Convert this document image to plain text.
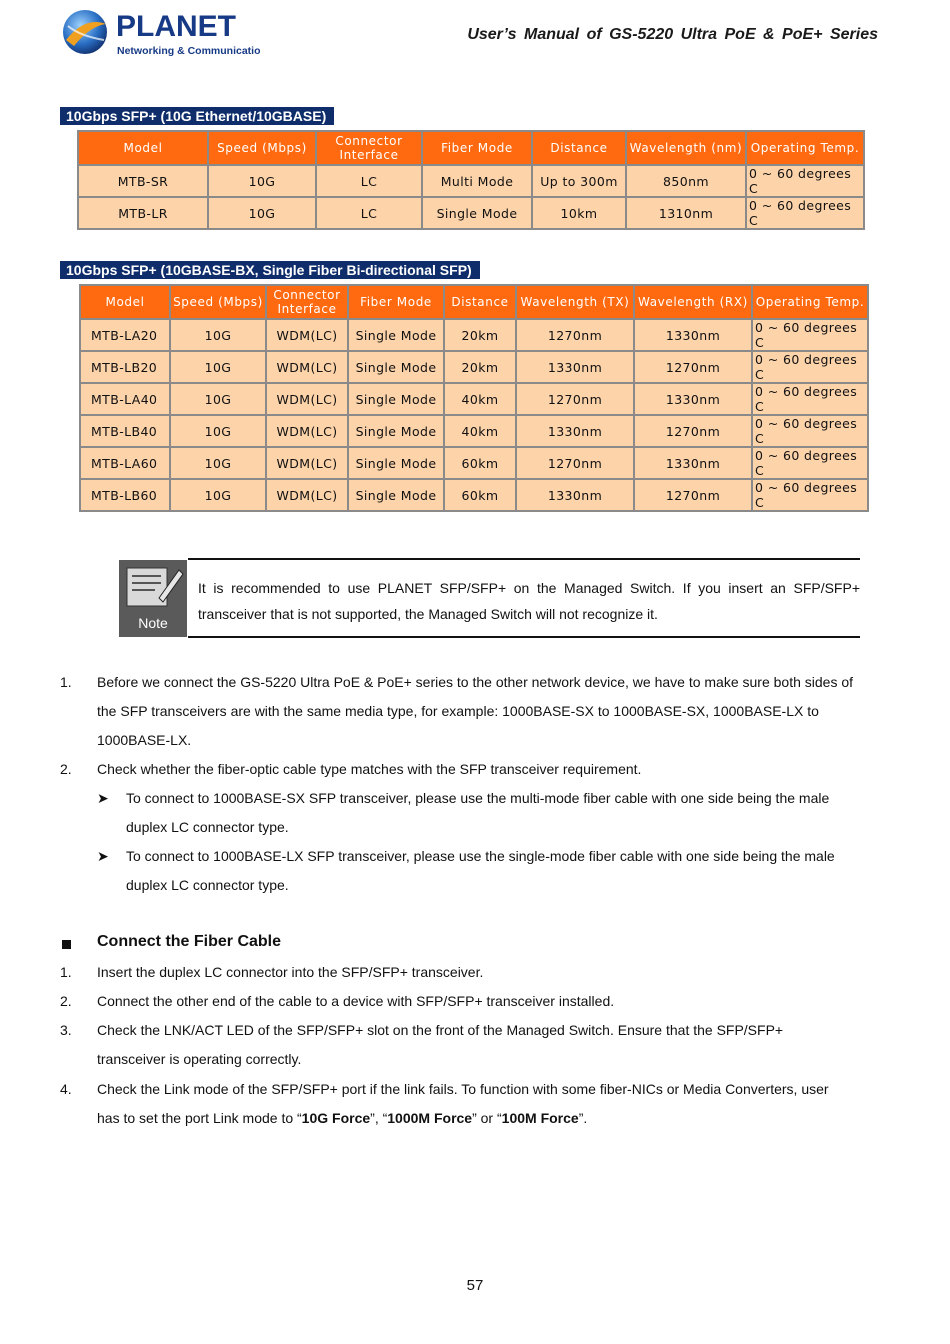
PLANET
Networking & Communication
User’s Manual of GS-5220 Ultra PoE & PoE+ Series
10Gbps SFP+ (10G Ethernet/10GBASE)
Model	Speed (Mbps)	Connector Interface	Fiber Mode	Distance	Wavelength (nm)	Operating Temp.
MTB-SR	10G	LC	Multi Mode	Up to 300m	850nm	0 ~ 60 degrees C
MTB-LR	10G	LC	Single Mode	10km	1310nm	0 ~ 60 degrees C
10Gbps SFP+ (10GBASE-BX, Single Fiber Bi-directional SFP)
Model	Speed (Mbps)	Connector Interface	Fiber Mode	Distance	Wavelength (TX)	Wavelength (RX)	Operating Temp.
MTB-LA20	10G	WDM(LC)	Single Mode	20km	1270nm	1330nm	0 ~ 60 degrees C
MTB-LB20	10G	WDM(LC)	Single Mode	20km	1330nm	1270nm	0 ~ 60 degrees C
MTB-LA40	10G	WDM(LC)	Single Mode	40km	1270nm	1330nm	0 ~ 60 degrees C
MTB-LB40	10G	WDM(LC)	Single Mode	40km	1330nm	1270nm	0 ~ 60 degrees C
MTB-LA60	10G	WDM(LC)	Single Mode	60km	1270nm	1330nm	0 ~ 60 degrees C
MTB-LB60	10G	WDM(LC)	Single Mode	60km	1330nm	1270nm	0 ~ 60 degrees C
Note
It is recommended to use PLANET SFP/SFP+ on the Managed Switch. If you insert an SFP/SFP+ transceiver that is not supported, the Managed Switch will not recognize it.
1. Before we connect the GS-5220 Ultra PoE & PoE+ series to the other network device, we have to make sure both sides of
the SFP transceivers are with the same media type, for example: 1000BASE-SX to 1000BASE-SX, 1000BASE-LX to
1000BASE-LX.
2. Check whether the fiber-optic cable type matches with the SFP transceiver requirement.
➤ To connect to 1000BASE-SX SFP transceiver, please use the multi-mode fiber cable with one side being the male
duplex LC connector type.
➤ To connect to 1000BASE-LX SFP transceiver, please use the single-mode fiber cable with one side being the male
duplex LC connector type.
Connect the Fiber Cable
1. Insert the duplex LC connector into the SFP/SFP+ transceiver.
2. Connect the other end of the cable to a device with SFP/SFP+ transceiver installed.
3. Check the LNK/ACT LED of the SFP/SFP+ slot on the front of the Managed Switch. Ensure that the SFP/SFP+
transceiver is operating correctly.
4. Check the Link mode of the SFP/SFP+ port if the link fails. To function with some fiber-NICs or Media Converters, user
has to set the port Link mode to “10G Force”, “1000M Force” or “100M Force”.
57
